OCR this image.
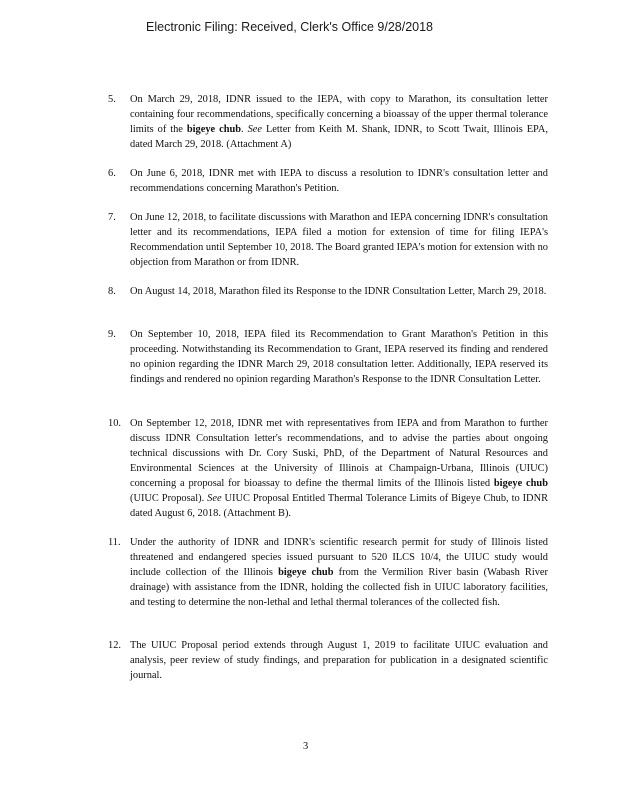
Electronic Filing: Received, Clerk's Office 9/28/2018
5. On March 29, 2018, IDNR issued to the IEPA, with copy to Marathon, its consultation letter containing four recommendations, specifically concerning a bioassay of the upper thermal tolerance limits of the bigeye chub. See Letter from Keith M. Shank, IDNR, to Scott Twait, Illinois EPA, dated March 29, 2018. (Attachment A)
6. On June 6, 2018, IDNR met with IEPA to discuss a resolution to IDNR's consultation letter and recommendations concerning Marathon's Petition.
7. On June 12, 2018, to facilitate discussions with Marathon and IEPA concerning IDNR's consultation letter and its recommendations, IEPA filed a motion for extension of time for filing IEPA's Recommendation until September 10, 2018. The Board granted IEPA's motion for extension with no objection from Marathon or from IDNR.
8. On August 14, 2018, Marathon filed its Response to the IDNR Consultation Letter, March 29, 2018.
9. On September 10, 2018, IEPA filed its Recommendation to Grant Marathon's Petition in this proceeding. Notwithstanding its Recommendation to Grant, IEPA reserved its finding and rendered no opinion regarding the IDNR March 29, 2018 consultation letter. Additionally, IEPA reserved its findings and rendered no opinion regarding Marathon's Response to the IDNR Consultation Letter.
10. On September 12, 2018, IDNR met with representatives from IEPA and from Marathon to further discuss IDNR Consultation letter's recommendations, and to advise the parties about ongoing technical discussions with Dr. Cory Suski, PhD, of the Department of Natural Resources and Environmental Sciences at the University of Illinois at Champaign-Urbana, Illinois (UIUC) concerning a proposal for bioassay to define the thermal limits of the Illinois listed bigeye chub (UIUC Proposal). See UIUC Proposal Entitled Thermal Tolerance Limits of Bigeye Chub, to IDNR dated August 6, 2018. (Attachment B).
11. Under the authority of IDNR and IDNR's scientific research permit for study of Illinois listed threatened and endangered species issued pursuant to 520 ILCS 10/4, the UIUC study would include collection of the Illinois bigeye chub from the Vermilion River basin (Wabash River drainage) with assistance from the IDNR, holding the collected fish in UIUC laboratory facilities, and testing to determine the non-lethal and lethal thermal tolerances of the collected fish.
12. The UIUC Proposal period extends through August 1, 2019 to facilitate UIUC evaluation and analysis, peer review of study findings, and preparation for publication in a designated scientific journal.
3
